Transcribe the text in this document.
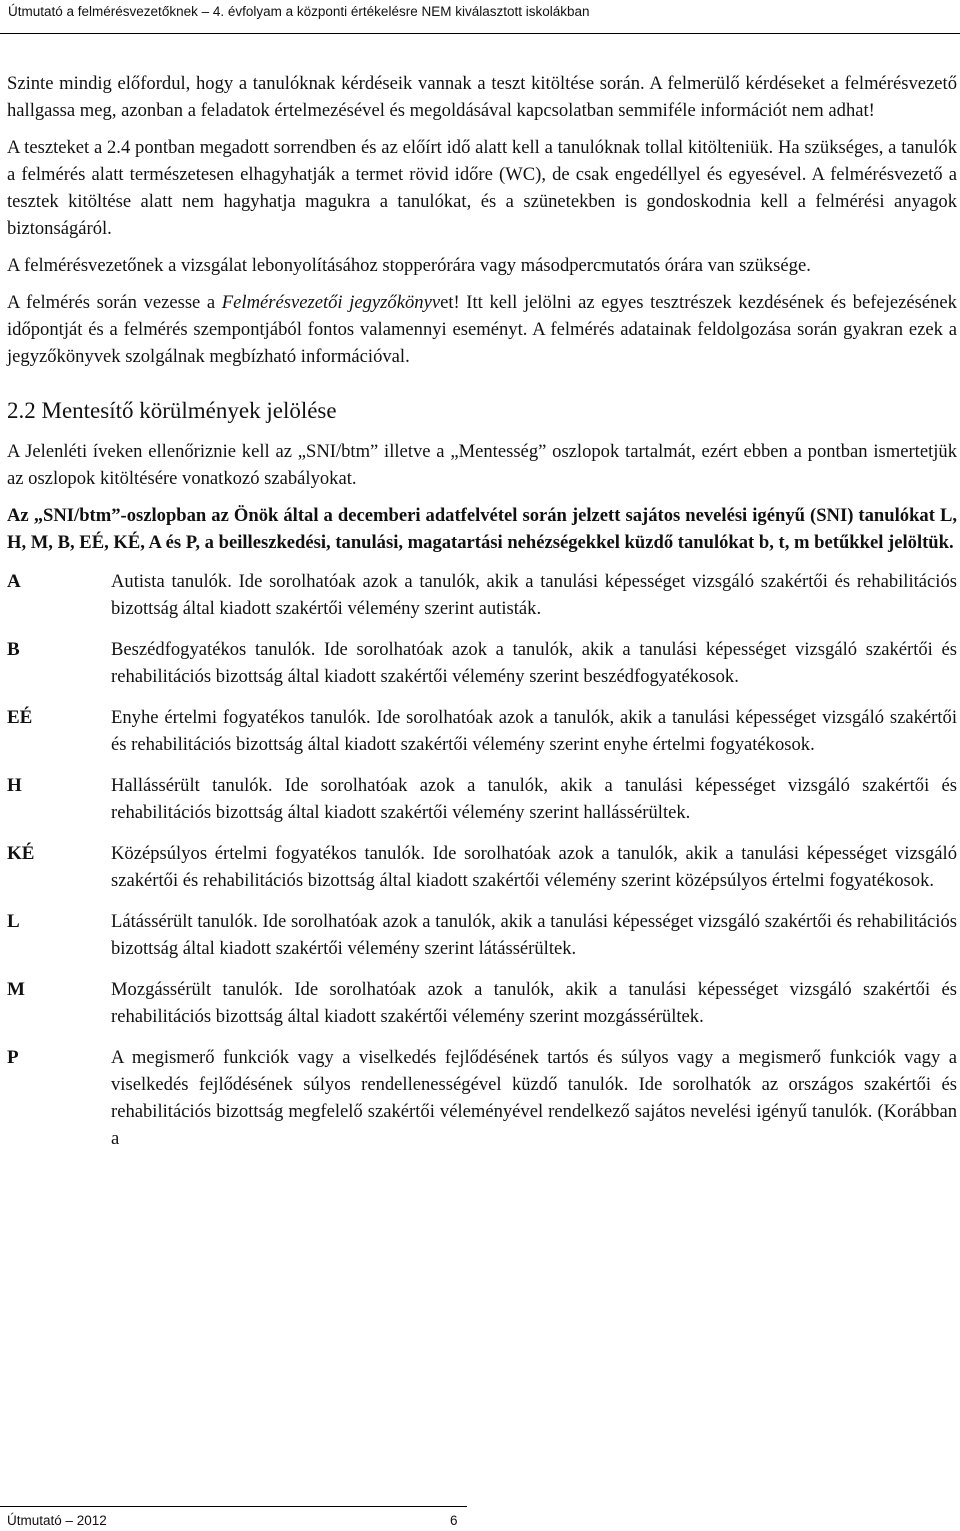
Útmutató a felmérésvezetőknek – 4. évfolyam a központi értékelésre NEM kiválasztott iskolákban

Szinte mindig előfordul, hogy a tanulóknak kérdéseik vannak a teszt kitöltése során. A felmerülő kérdéseket a felmérésvezető hallgassa meg, azonban a feladatok értelmezésével és megoldásával kapcsolatban semmiféle információt nem adhat!

A teszteket a 2.4 pontban megadott sorrendben és az előírt idő alatt kell a tanulóknak tollal kitölteniük. Ha szükséges, a tanulók a felmérés alatt természetesen elhagyhatják a termet rövid időre (WC), de csak engedéllyel és egyesével. A felmérésvezető a tesztek kitöltése alatt nem hagyhatja magukra a tanulókat, és a szünetekben is gondoskodnia kell a felmérési anyagok biztonságáról.

A felmérésvezetőnek a vizsgálat lebonyolításához stopperórára vagy másodpercmutatós órára van szüksége.

A felmérés során vezesse a Felmérésvezetői jegyzőkönyvet! Itt kell jelölni az egyes tesztrészek kezdésének és befejezésének időpontját és a felmérés szempontjából fontos valamennyi eseményt. A felmérés adatainak feldolgozása során gyakran ezek a jegyzőkönyvek szolgálnak megbízható információval.

2.2 Mentesítő körülmények jelölése

A Jelenléti íveken ellenőriznie kell az „SNI/btm” illetve a „Mentesség” oszlopok tartalmát, ezért ebben a pontban ismertetjük az oszlopok kitöltésére vonatkozó szabályokat.

Az „SNI/btm”-oszlopban az Önök által a decemberi adatfelvétel során jelzett sajátos nevelési igényű (SNI) tanulókat L, H, M, B, EÉ, KÉ, A és P, a beilleszkedési, tanulási, magatartási nehézségekkel küzdő tanulókat b, t, m betűkkel jelöltük.

A	Autista tanulók. Ide sorolhatóak azok a tanulók, akik a tanulási képességet vizsgáló szakértői és rehabilitációs bizottság által kiadott szakértői vélemény szerint autisták.
B	Beszédfogyatékos tanulók. Ide sorolhatóak azok a tanulók, akik a tanulási képességet vizsgáló szakértői és rehabilitációs bizottság által kiadott szakértői vélemény szerint beszédfogyatékosok.
EÉ	Enyhe értelmi fogyatékos tanulók. Ide sorolhatóak azok a tanulók, akik a tanulási képességet vizsgáló szakértői és rehabilitációs bizottság által kiadott szakértői vélemény szerint enyhe értelmi fogyatékosok.
H	Hallássérült tanulók. Ide sorolhatóak azok a tanulók, akik a tanulási képességet vizsgáló szakértői és rehabilitációs bizottság által kiadott szakértői vélemény szerint hallássérültek.
KÉ	Középsúlyos értelmi fogyatékos tanulók. Ide sorolhatóak azok a tanulók, akik a tanulási képességet vizsgáló szakértői és rehabilitációs bizottság által kiadott szakértői vélemény szerint középsúlyos értelmi fogyatékosok.
L	Látássérült tanulók. Ide sorolhatóak azok a tanulók, akik a tanulási képességet vizsgáló szakértői és rehabilitációs bizottság által kiadott szakértői vélemény szerint látássérültek.
M	Mozgássérült tanulók. Ide sorolhatóak azok a tanulók, akik a tanulási képességet vizsgáló szakértői és rehabilitációs bizottság által kiadott szakértői vélemény szerint mozgássérültek.
P	A megismerő funkciók vagy a viselkedés fejlődésének tartós és súlyos vagy a megismerő funkciók vagy a viselkedés fejlődésének súlyos rendellenességével küzdő tanulók. Ide sorolhatók az országos szakértői és rehabilitációs bizottság megfelelő szakértői véleményével rendelkező sajátos nevelési igényű tanulók. (Korábban a
Útmutató – 2012	6
